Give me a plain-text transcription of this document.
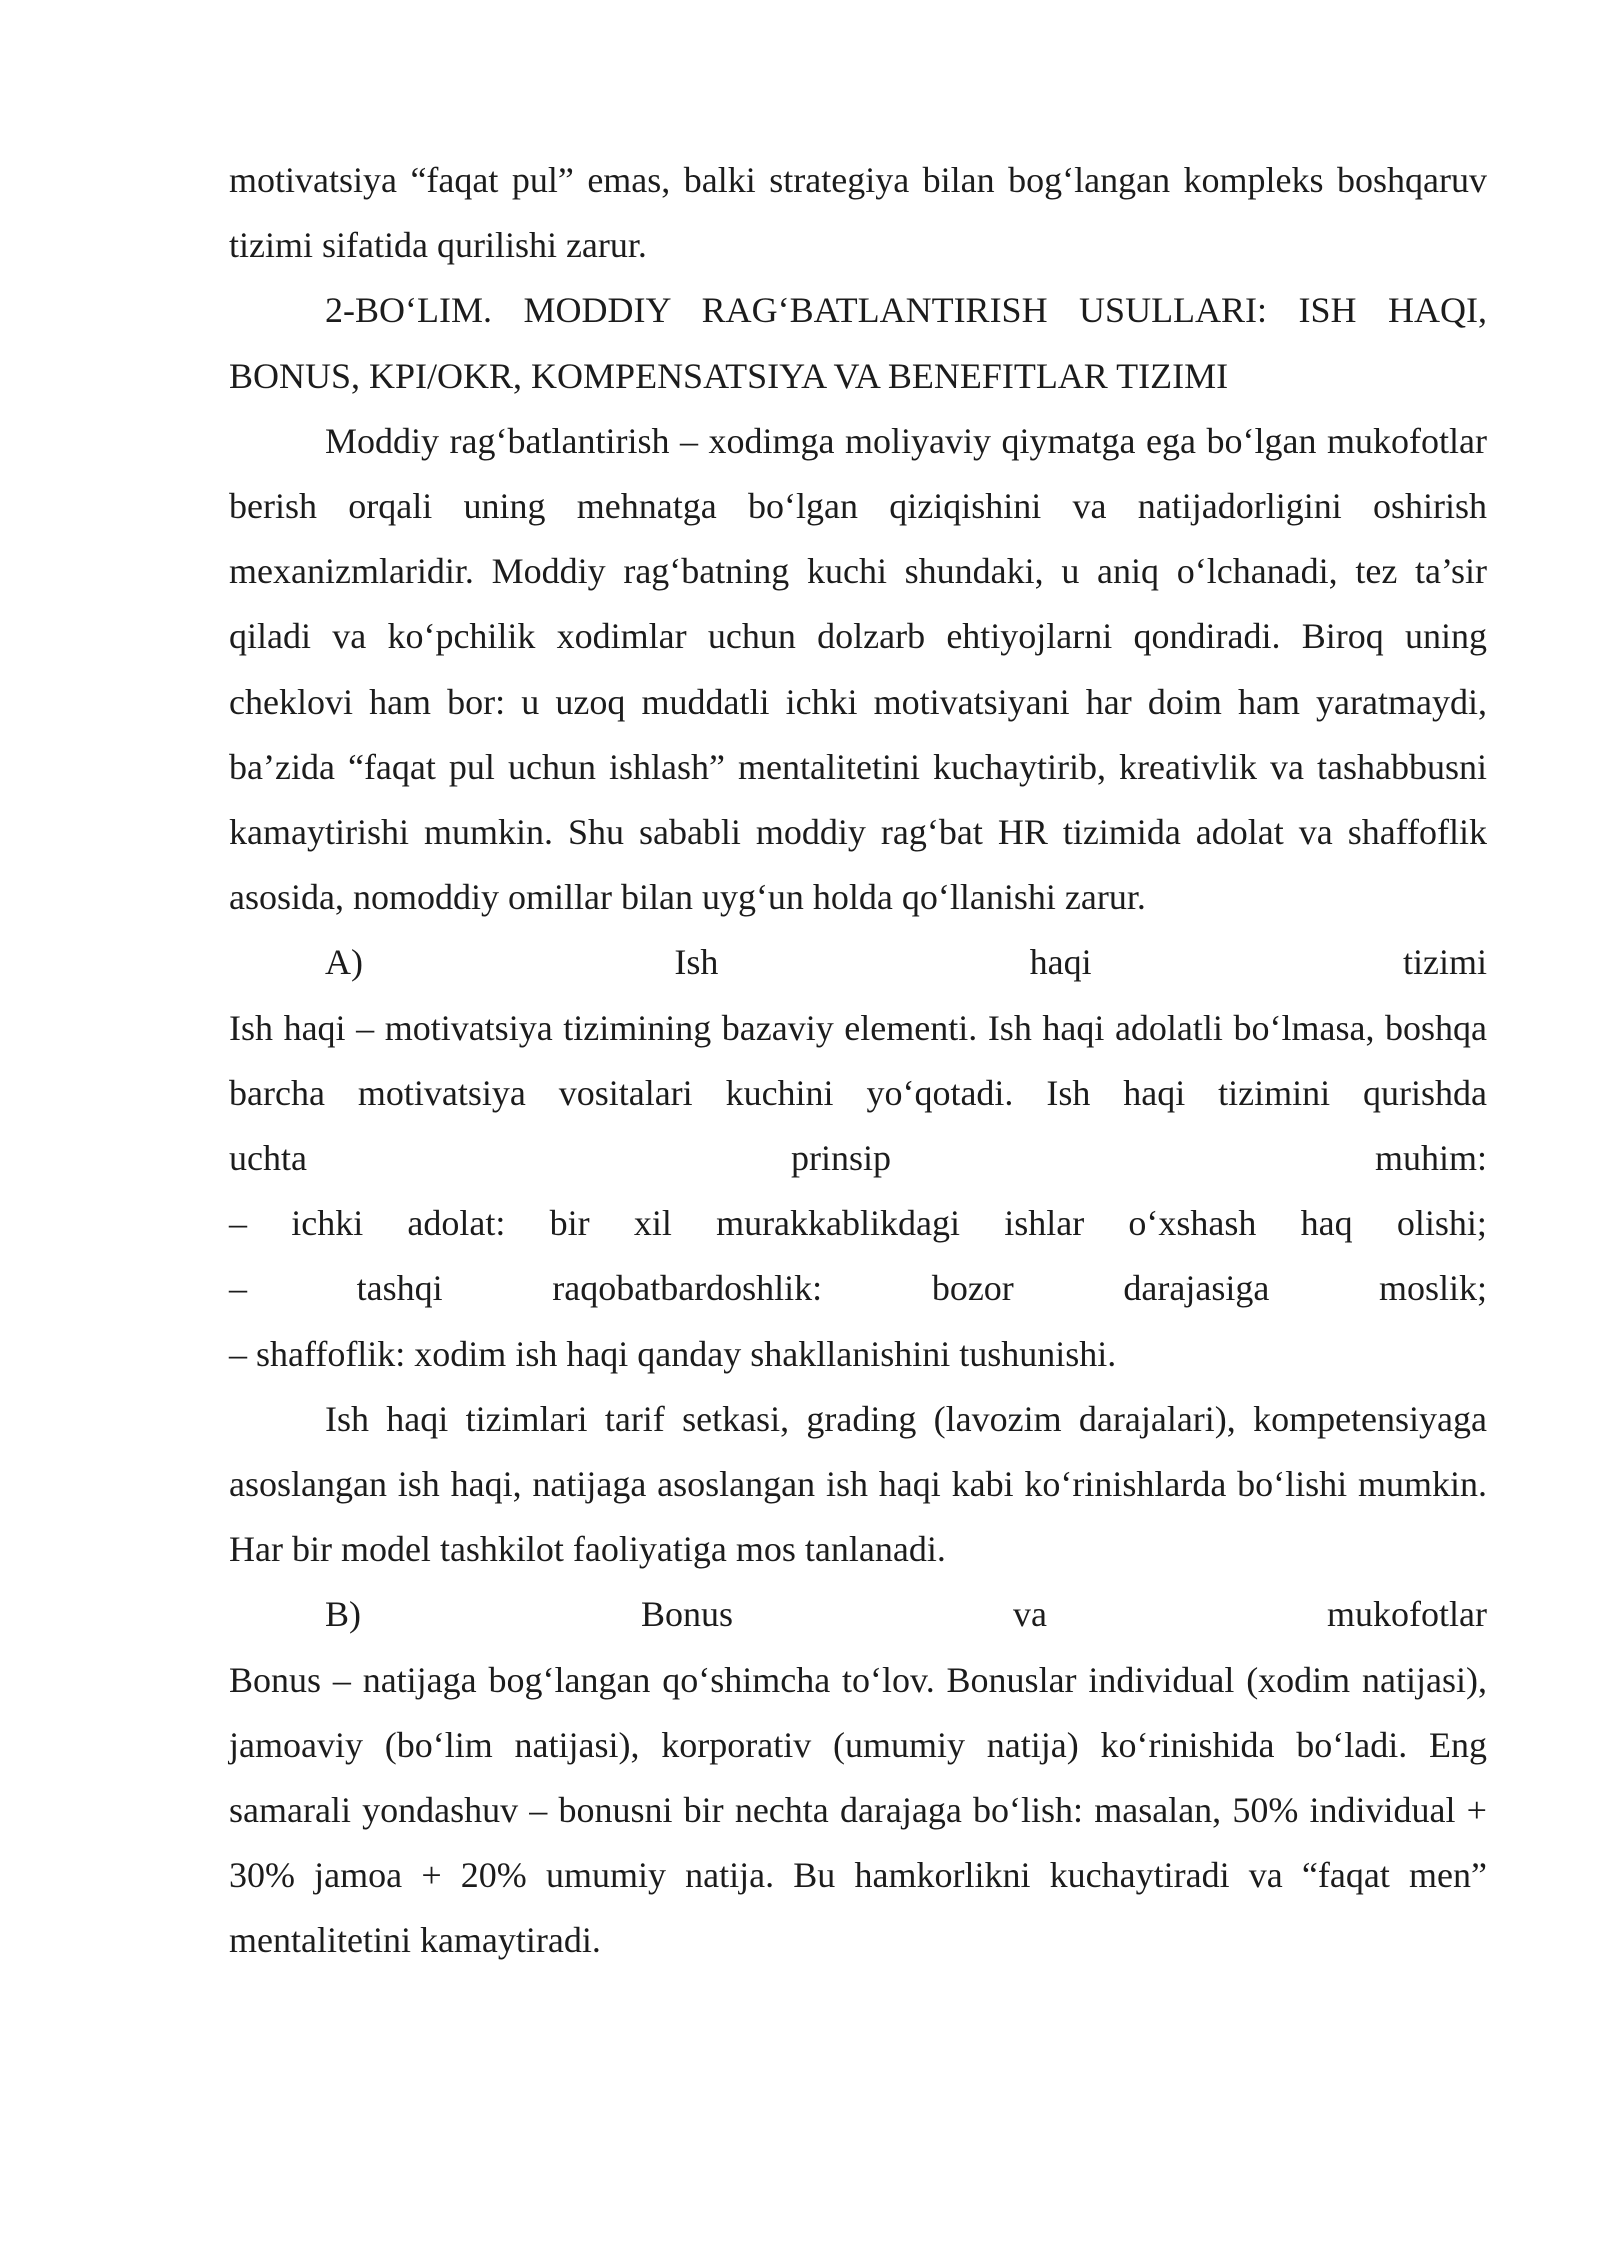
motivatsiya “faqat pul” emas, balki strategiya bilan bog‘langan kompleks boshqaruv

tizimi sifatida qurilishi zarur.

2-BO‘LIM. MODDIY RAG‘BATLANTIRISH USULLARI: ISH HAQI, BONUS, KPI/OKR, KOMPENSATSIYA VA BENEFITLAR TIZIMI

Moddiy rag‘batlantirish – xodimga moliyaviy qiymatga ega bo‘lgan mukofotlar berish orqali uning mehnatga bo‘lgan qiziqishini va natijadorligini oshirish mexanizmlaridir. Moddiy rag‘batning kuchi shundaki, u aniq o‘lchanadi, tez ta’sir qiladi va ko‘pchilik xodimlar uchun dolzarb ehtiyojlarni qondiradi. Biroq uning cheklovi ham bor: u uzoq muddatli ichki motivatsiyani har doim ham yaratmaydi, ba’zida “faqat pul uchun ishlash” mentalitetini kuchaytirib, kreativlik va tashabbusni kamaytirishi mumkin. Shu sababli moddiy rag‘bat HR tizimida adolat va shaffoflik asosida, nomoddiy omillar bilan uyg‘un holda qo‘llanishi zarur.

A)	Ish	haqi	tizimi

Ish haqi – motivatsiya tizimining bazaviy elementi. Ish haqi adolatli bo‘lmasa, boshqa barcha motivatsiya vositalari kuchini yo‘qotadi. Ish haqi tizimini qurishda

uchta	prinsip	muhim:
– ichki adolat: bir xil murakkablikdagi ishlar o‘xshash haq olishi;
–	tashqi	raqobatbardoshlik:	bozor	darajasiga	moslik;

– shaffoflik: xodim ish haqi qanday shakllanishini tushunishi.

Ish haqi tizimlari tarif setkasi, grading (lavozim darajalari), kompetensiyaga asoslangan ish haqi, natijaga asoslangan ish haqi kabi ko‘rinishlarda bo‘lishi mumkin. Har bir model tashkilot faoliyatiga mos tanlanadi.

B)	Bonus	va	mukofotlar

Bonus – natijaga bog‘langan qo‘shimcha to‘lov. Bonuslar individual (xodim natijasi), jamoaviy (bo‘lim natijasi), korporativ (umumiy natija) ko‘rinishida bo‘ladi. Eng samarali yondashuv – bonusni bir nechta darajaga bo‘lish: masalan, 50% individual + 30% jamoa + 20% umumiy natija. Bu hamkorlikni kuchaytiradi va “faqat men” mentalitetini kamaytiradi.
